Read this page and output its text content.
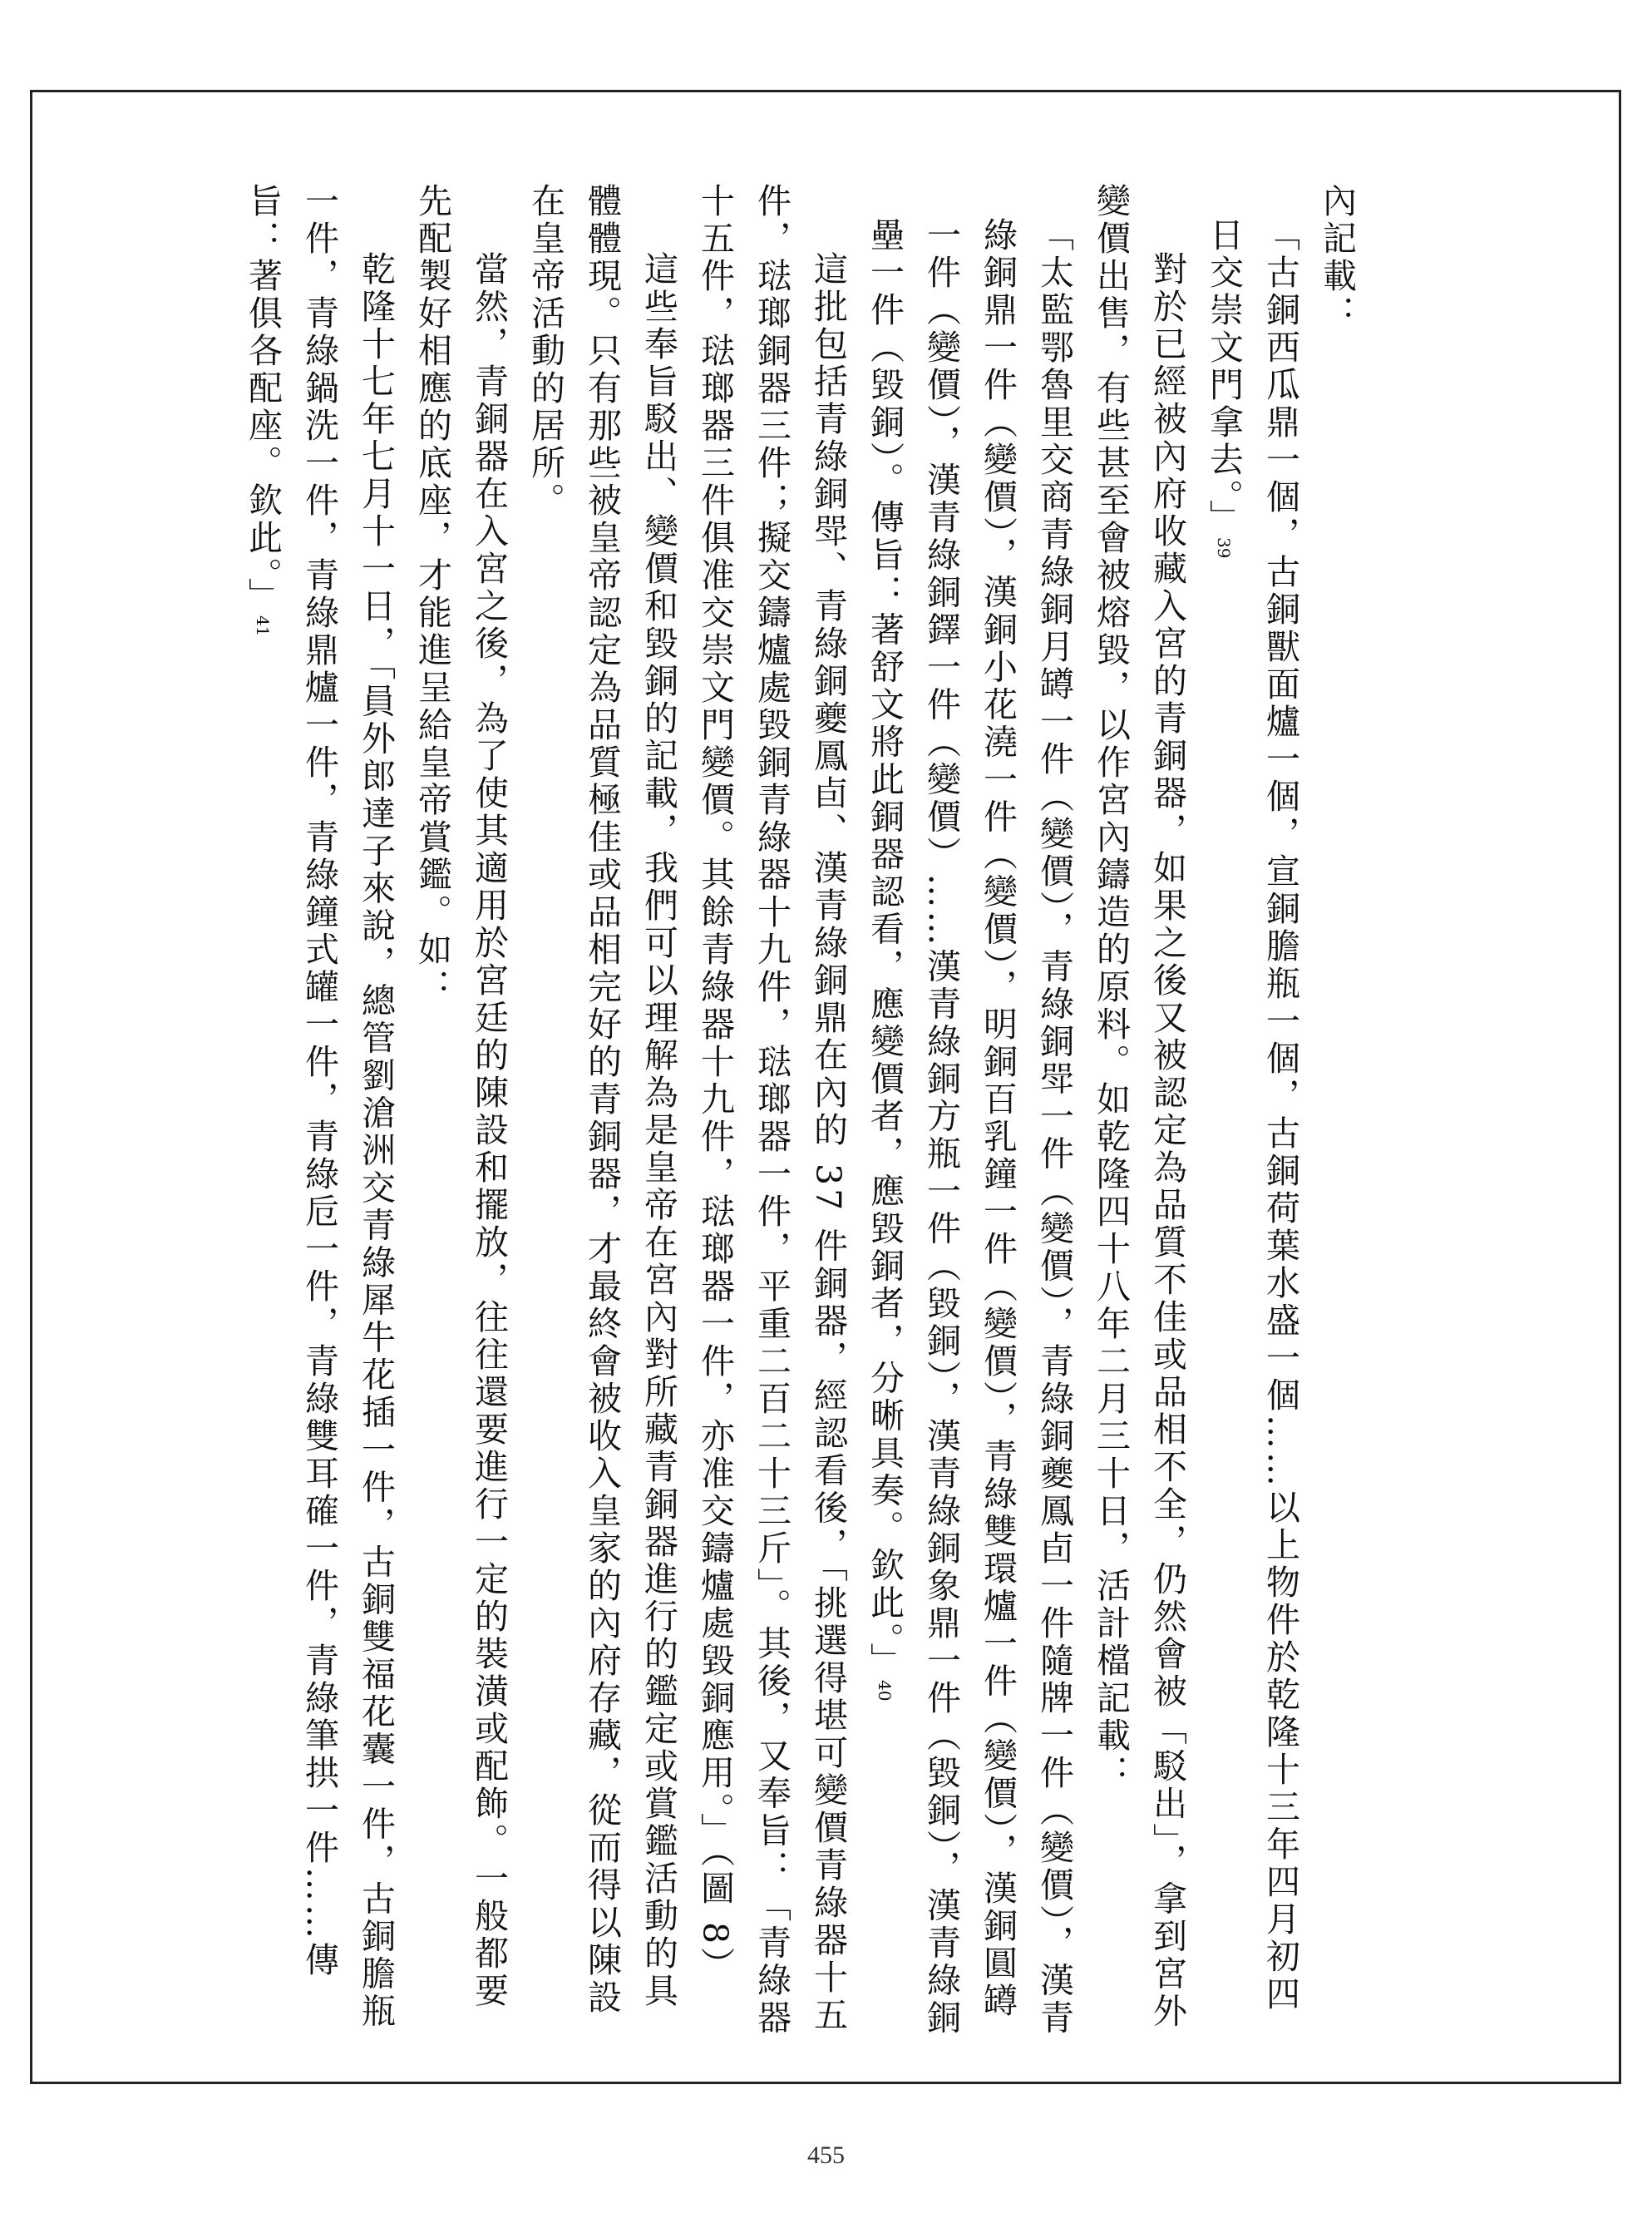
內記載：

「古銅西瓜鼎一個，古銅獸面爐一個，宣銅膽瓶一個，古銅荷葉水盛一個……以上物件於乾隆十三年四月初四日交崇文門拿去。」39

對於已經被內府收藏入宮的青銅器，如果之後又被認定為品質不佳或品相不全，仍然會被「駁出」，拿到宮外變價出售，有些甚至會被熔毀，以作宮內鑄造的原料。如乾隆四十八年二月三十日，活計檔記載：

「太監鄂魯里交商青綠銅月罇一件（變價），青綠銅斝一件（變價），青綠銅夔鳳卣一件隨牌一件（變價），漢青綠銅鼎一件（變價），漢銅小花澆一件（變價），明銅百乳鐘一件（變價），青綠雙環爐一件（變價），漢銅圓罇一件（變價），漢青綠銅鐸一件（變價）……漢青綠銅方瓶一件（毀銅），漢青綠銅象鼎一件（毀銅），漢青綠銅壘一件（毀銅）。傳旨：著舒文將此銅器認看，應變價者，應毀銅者，分晰具奏。欽此。」40

這批包括青綠銅斝、青綠銅夔鳳卣、漢青綠銅鼎在內的 37 件銅器，經認看後，「挑選得堪可變價青綠器十五件，琺瑯銅器三件；擬交鑄爐處毀銅青綠器十九件，琺瑯器一件，平重二百二十三斤」。其後，又奉旨：「青綠器十五件，琺瑯器三件俱准交崇文門變價。其餘青綠器十九件，琺瑯器一件，亦准交鑄爐處毀銅應用。」（圖 8）

這些奉旨駁出、變價和毀銅的記載，我們可以理解為是皇帝在宮內對所藏青銅器進行的鑑定或賞鑑活動的具體體現。只有那些被皇帝認定為品質極佳或品相完好的青銅器，才最終會被收入皇家的內府存藏，從而得以陳設在皇帝活動的居所。

當然，青銅器在入宮之後，為了使其適用於宮廷的陳設和擺放，往往還要進行一定的裝潢或配飾。一般都要先配製好相應的底座，才能進呈給皇帝賞鑑。如：

乾隆十七年七月十一日，「員外郎達子來說，總管劉滄洲交青綠犀牛花插一件，古銅雙福花囊一件，古銅膽瓶一件，青綠鍋洗一件，青綠鼎爐一件，青綠鐘式罐一件，青綠卮一件，青綠雙耳確一件，青綠筆拱一件……傳旨：著俱各配座。欽此。」41

455
